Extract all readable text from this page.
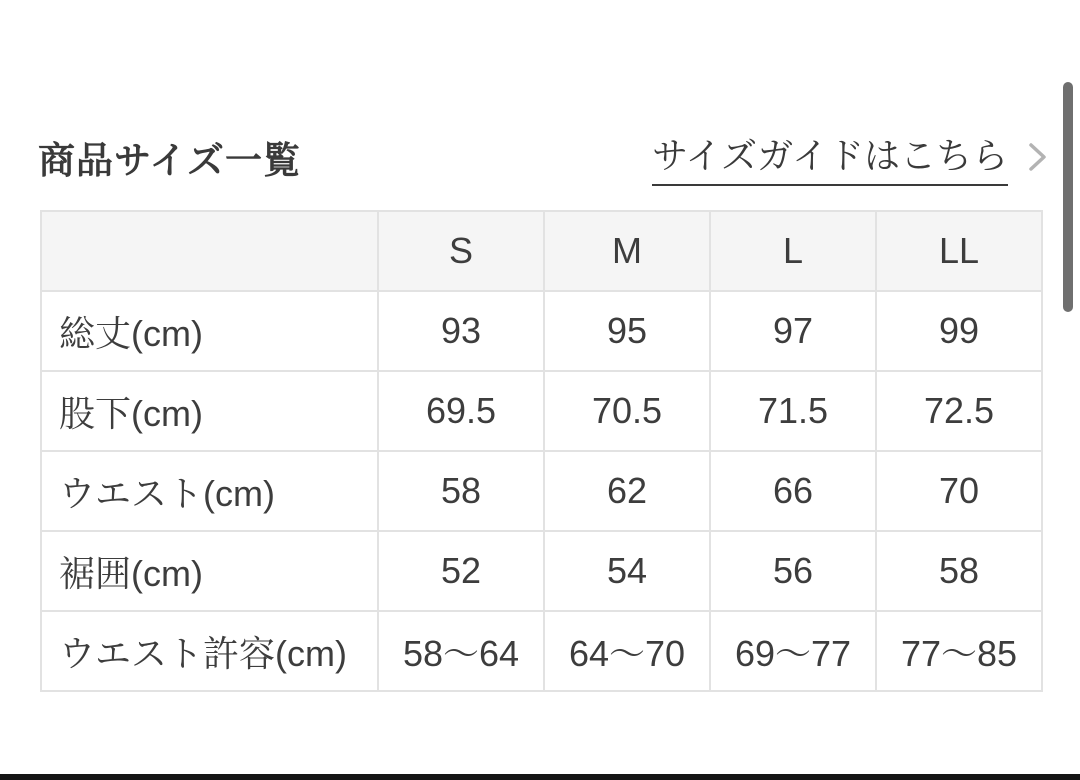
商品サイズ一覧	サイズガイドはこちら
	S	M	L	LL
総丈(cm)	93	95	97	99
股下(cm)	69.5	70.5	71.5	72.5
ウエスト(cm)	58	62	66	70
裾囲(cm)	52	54	56	58
ウエスト許容(cm)	58〜64	64〜70	69〜77	77〜85
